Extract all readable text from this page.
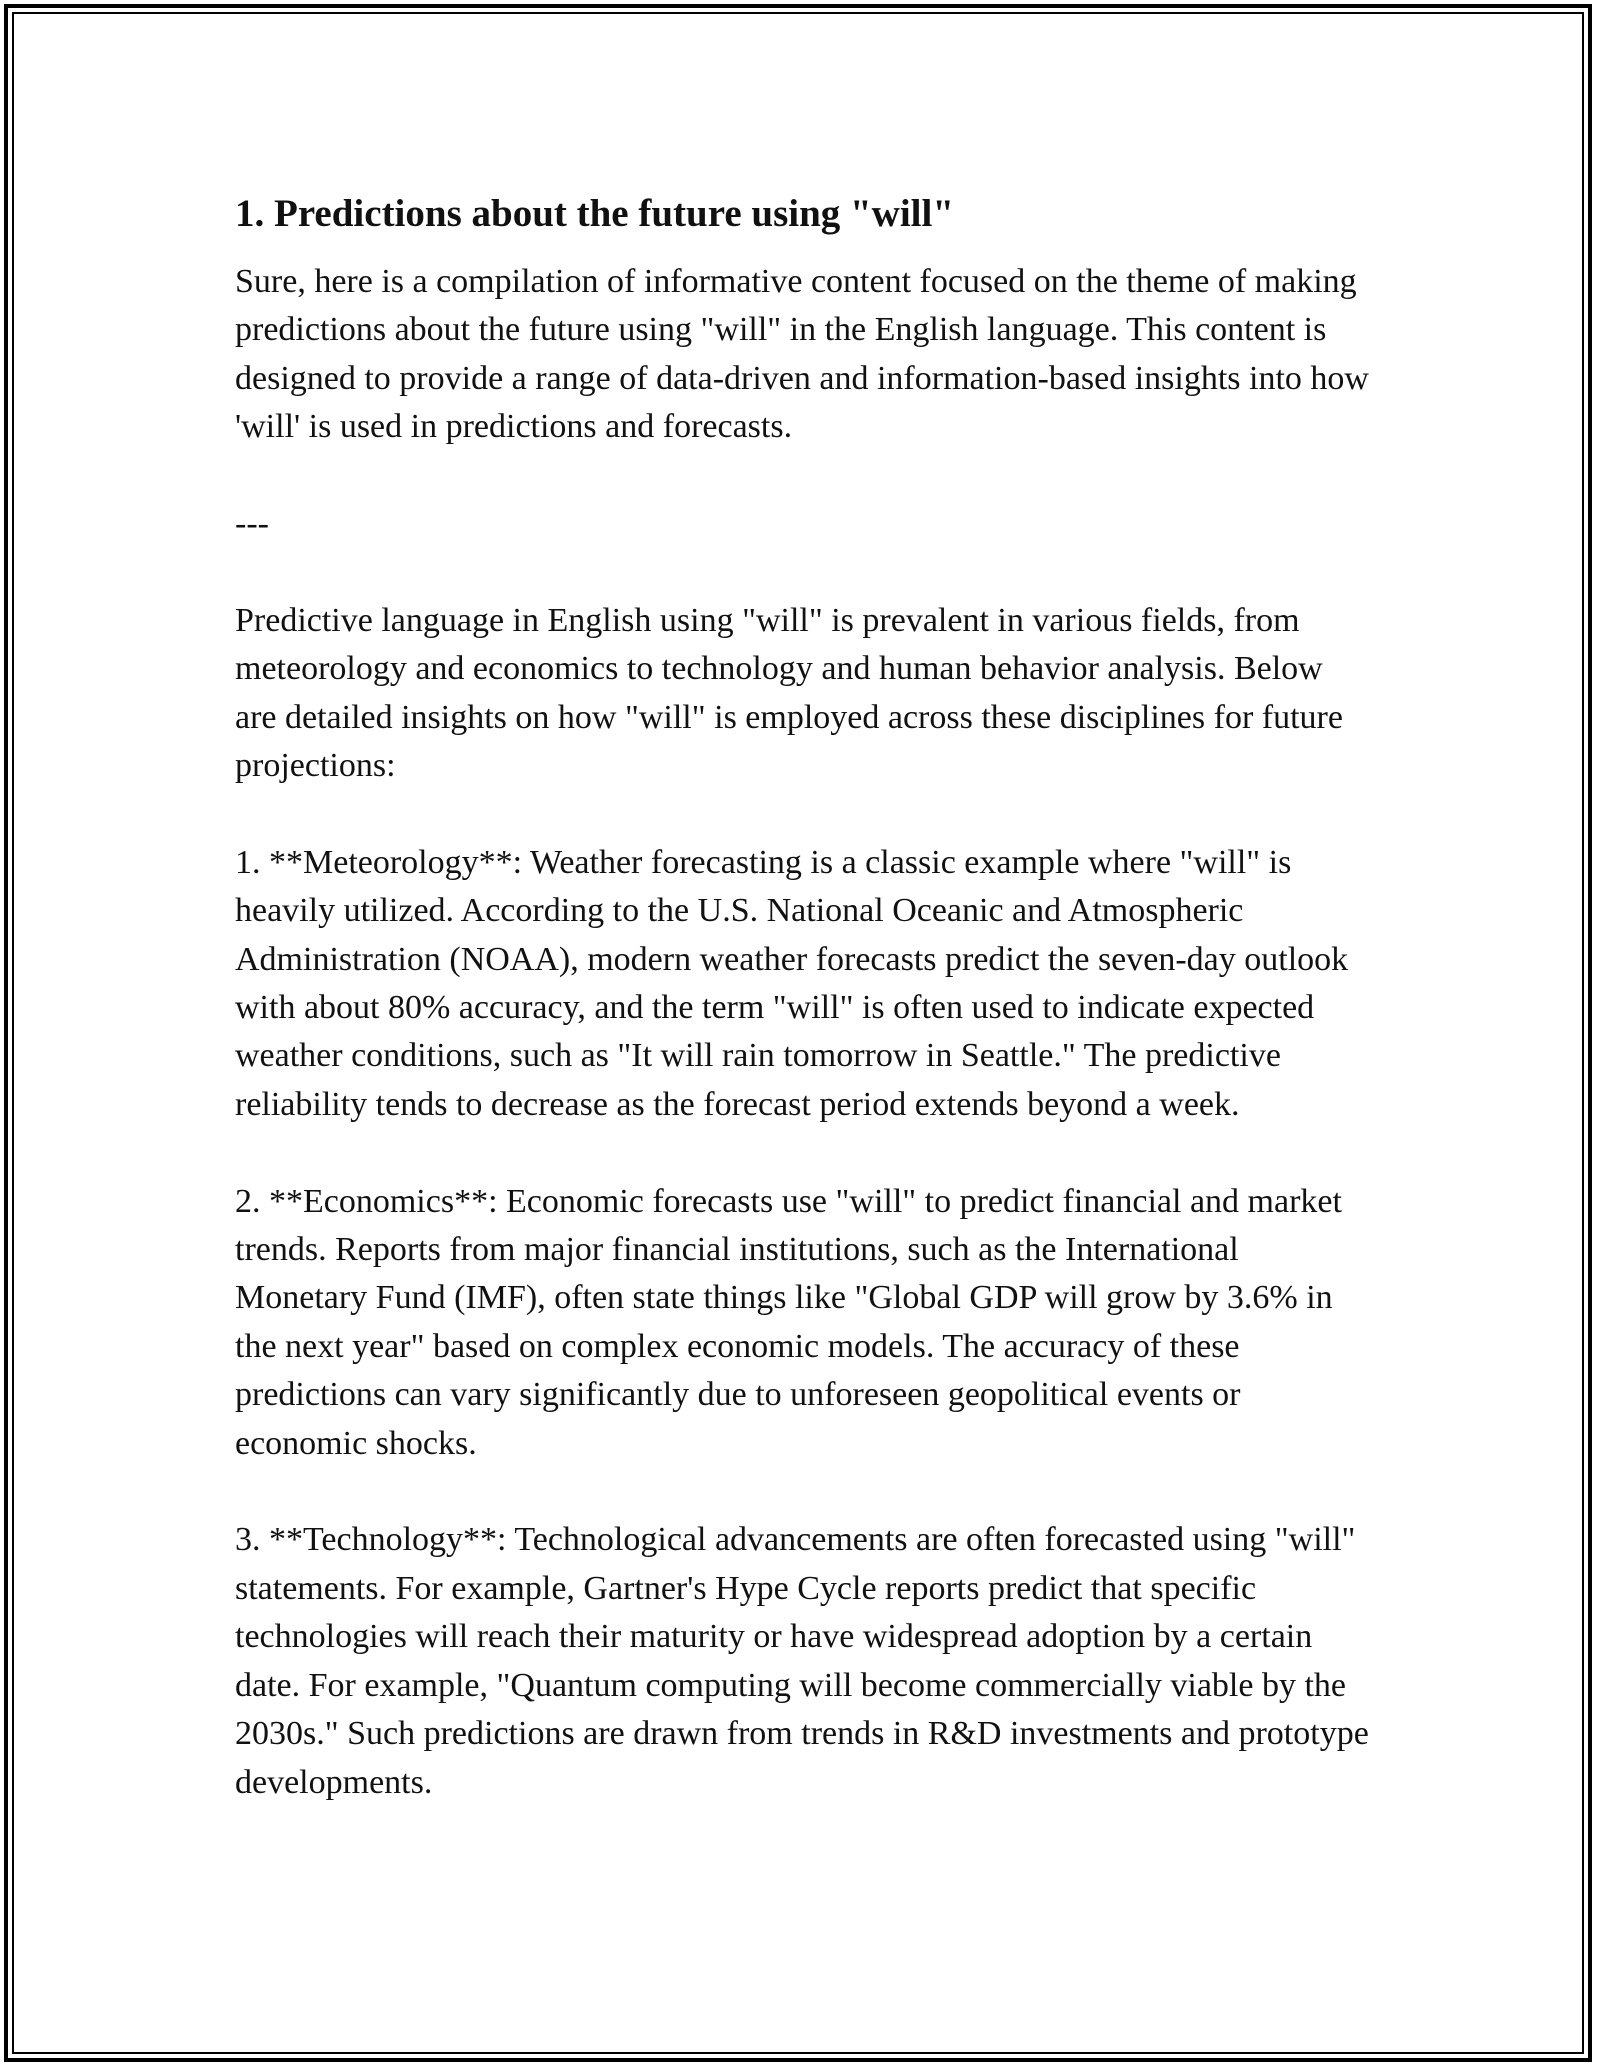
1. Predictions about the future using "will"

Sure, here is a compilation of informative content focused on the theme of making predictions about the future using "will" in the English language. This content is designed to provide a range of data-driven and information-based insights into how 'will' is used in predictions and forecasts.

---

Predictive language in English using "will" is prevalent in various fields, from meteorology and economics to technology and human behavior analysis. Below are detailed insights on how "will" is employed across these disciplines for future projections:

1. **Meteorology**: Weather forecasting is a classic example where "will" is heavily utilized. According to the U.S. National Oceanic and Atmospheric Administration (NOAA), modern weather forecasts predict the seven-day outlook with about 80% accuracy, and the term "will" is often used to indicate expected weather conditions, such as "It will rain tomorrow in Seattle." The predictive reliability tends to decrease as the forecast period extends beyond a week.

2. **Economics**: Economic forecasts use "will" to predict financial and market trends. Reports from major financial institutions, such as the International Monetary Fund (IMF), often state things like "Global GDP will grow by 3.6% in the next year" based on complex economic models. The accuracy of these predictions can vary significantly due to unforeseen geopolitical events or economic shocks.

3. **Technology**: Technological advancements are often forecasted using "will" statements. For example, Gartner's Hype Cycle reports predict that specific technologies will reach their maturity or have widespread adoption by a certain date. For example, "Quantum computing will become commercially viable by the 2030s." Such predictions are drawn from trends in R&D investments and prototype developments.
